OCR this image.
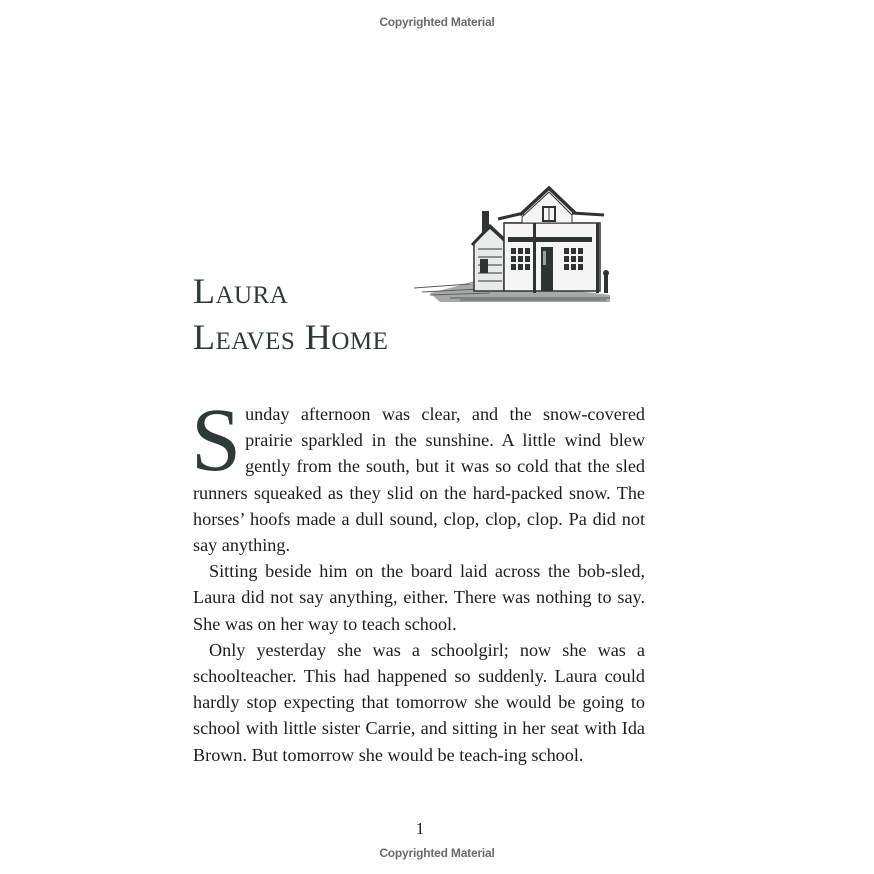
Copyrighted Material
Laura
Leaves Home

Sunday afternoon was clear, and the snow-covered prairie sparkled in the sunshine. A little wind blew gently from the south, but it was so cold that the sled runners squeaked as they slid on the hard-packed snow. The horses’ hoofs made a dull sound, clop, clop, clop. Pa did not say anything.

Sitting beside him on the board laid across the bob-sled, Laura did not say anything, either. There was nothing to say. She was on her way to teach school.

Only yesterday she was a schoolgirl; now she was a schoolteacher. This had happened so suddenly. Laura could hardly stop expecting that tomorrow she would be going to school with little sister Carrie, and sitting in her seat with Ida Brown. But tomorrow she would be teach-ing school.

1
Copyrighted Material
